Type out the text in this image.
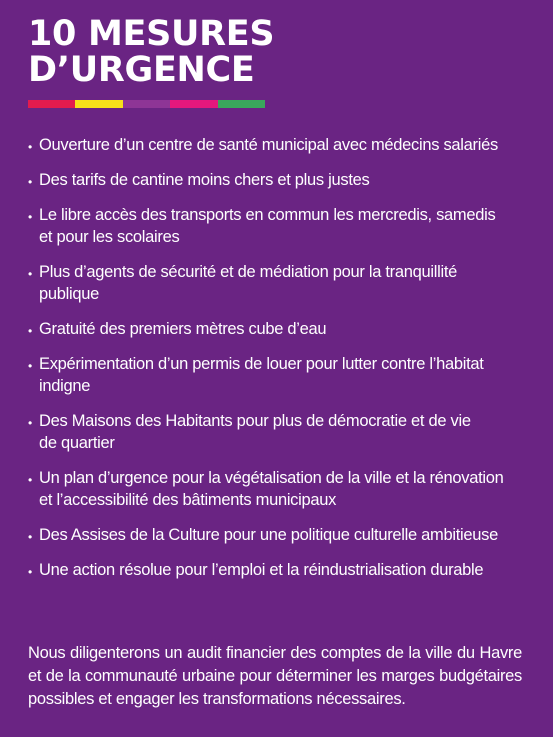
10 MESURES
D’URGENCE
• Ouverture d’un centre de santé municipal avec médecins salariés
• Des tarifs de cantine moins chers et plus justes
• Le libre accès des transports en commun les mercredis, samedis
et pour les scolaires
• Plus d’agents de sécurité et de médiation pour la tranquillité
publique
• Gratuité des premiers mètres cube d’eau
• Expérimentation d’un permis de louer pour lutter contre l’habitat
indigne
• Des Maisons des Habitants pour plus de démocratie et de vie
de quartier
• Un plan d’urgence pour la végétalisation de la ville et la rénovation
et l’accessibilité des bâtiments municipaux
• Des Assises de la Culture pour une politique culturelle ambitieuse
• Une action résolue pour l’emploi et la réindustrialisation durable

Nous diligenterons un audit financier des comptes de la ville du Havre et de la communauté urbaine pour déterminer les marges budgétaires possibles et engager les transformations nécessaires.
